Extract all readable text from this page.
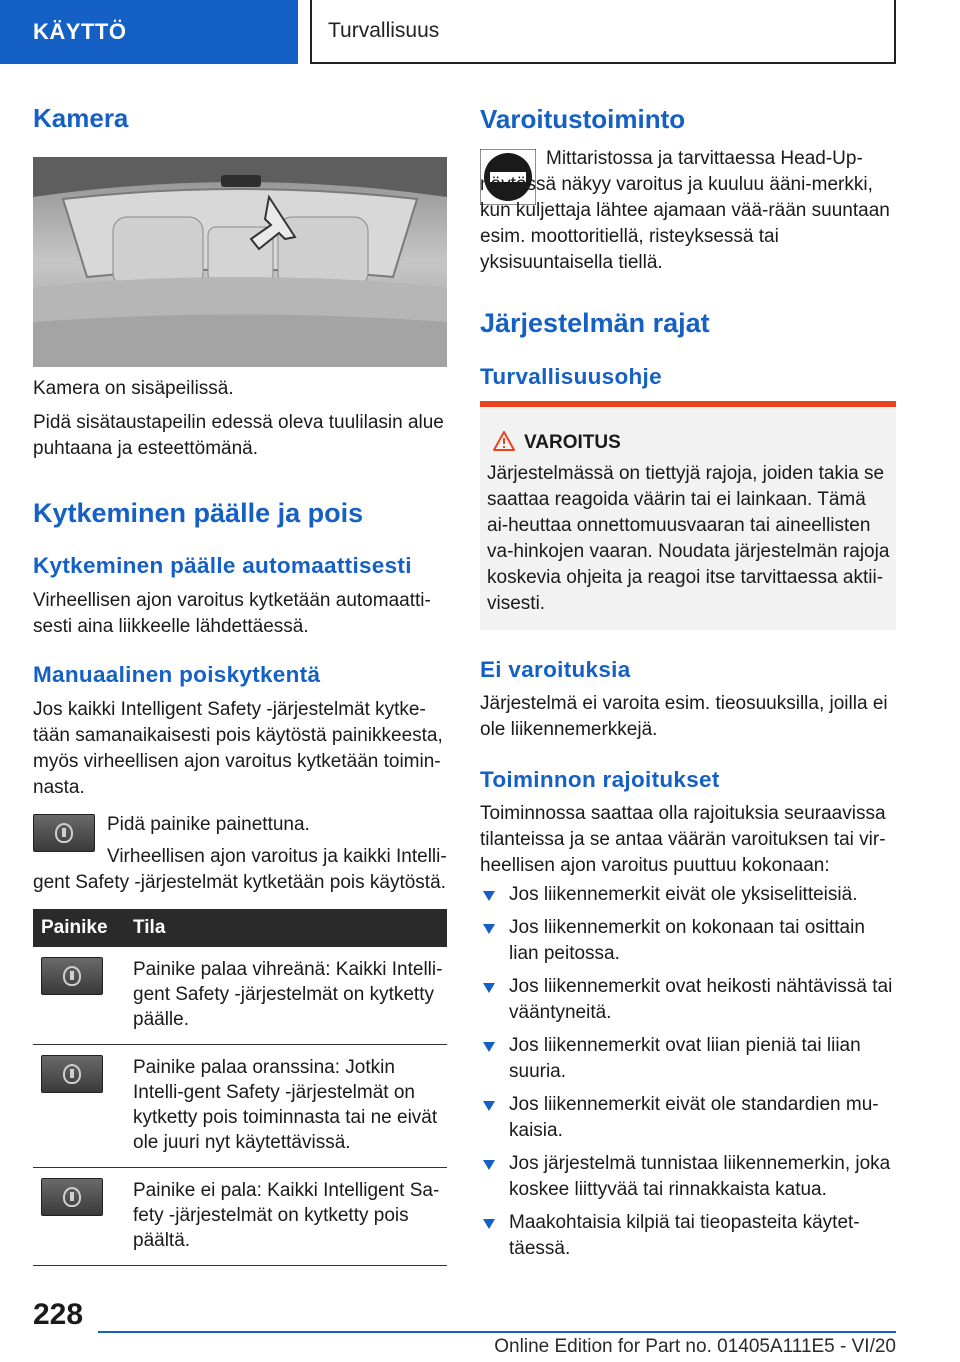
KÄYTTÖ	Turvallisuus
Kamera

Kamera on sisäpeilissä.

Pidä sisätaustapeilin edessä oleva tuulilasin alue puhtaana ja esteettömänä.

Kytkeminen päälle ja pois
Kytkeminen päälle automaattisesti

Virheellisen ajon varoitus kytketään automaatti-sesti aina liikkeelle lähdettäessä.

Manuaalinen poiskytkentä

Jos kaikki Intelligent Safety -järjestelmät kytke-tään samanaikaisesti pois käytöstä painikkeesta, myös virheellisen ajon varoitus kytketään toimin-nasta.

Pidä painike painettuna.

Virheellisen ajon varoitus ja kaikki Intelli-gent Safety -järjestelmät kytketään pois käytöstä.

Painike	Tila

	Painike palaa vihreänä: Kaikki Intelli-gent Safety -järjestelmät on kytketty päälle.

	Painike palaa oranssina: Jotkin Intelli-gent Safety -järjestelmät on kytketty pois toiminnasta tai ne eivät ole juuri nyt käytettävissä.

	Painike ei pala: Kaikki Intelligent Sa-fety -järjestelmät on kytketty pois päältä.
Varoitustoiminto

Mittaristossa ja tarvittaessa Head-Up-näytössä näkyy varoitus ja kuuluu ääni-merkki, kun kuljettaja lähtee ajamaan vää-rään suuntaan esim. moottoritiellä, risteyksessä tai yksisuuntaisella tiellä.

Järjestelmän rajat
Turvallisuusohje
VAROITUS

Järjestelmässä on tiettyjä rajoja, joiden takia se saattaa reagoida väärin tai ei lainkaan. Tämä ai-heuttaa onnettomuusvaaran tai aineellisten va-hinkojen vaaran. Noudata järjestelmän rajoja koskevia ohjeita ja reagoi itse tarvittaessa aktii-visesti.

Ei varoituksia

Järjestelmä ei varoita esim. tieosuuksilla, joilla ei ole liikennemerkkejä.

Toiminnon rajoitukset

Toiminnossa saattaa olla rajoituksia seuraavissa tilanteissa ja se antaa väärän varoituksen tai vir-heellisen ajon varoitus puuttuu kokonaan:

Jos liikennemerkit eivät ole yksiselitteisiä.
Jos liikennemerkit on kokonaan tai osittain lian peitossa.
Jos liikennemerkit ovat heikosti nähtävissä tai vääntyneitä.
Jos liikennemerkit ovat liian pieniä tai liian suuria.
Jos liikennemerkit eivät ole standardien mu-kaisia.
Jos järjestelmä tunnistaa liikennemerkin, joka koskee liittyvää tai rinnakkaista katua.
Maakohtaisia kilpiä tai tieopasteita käytet-täessä.
228
Online Edition for Part no. 01405A111E5 - VI/20
